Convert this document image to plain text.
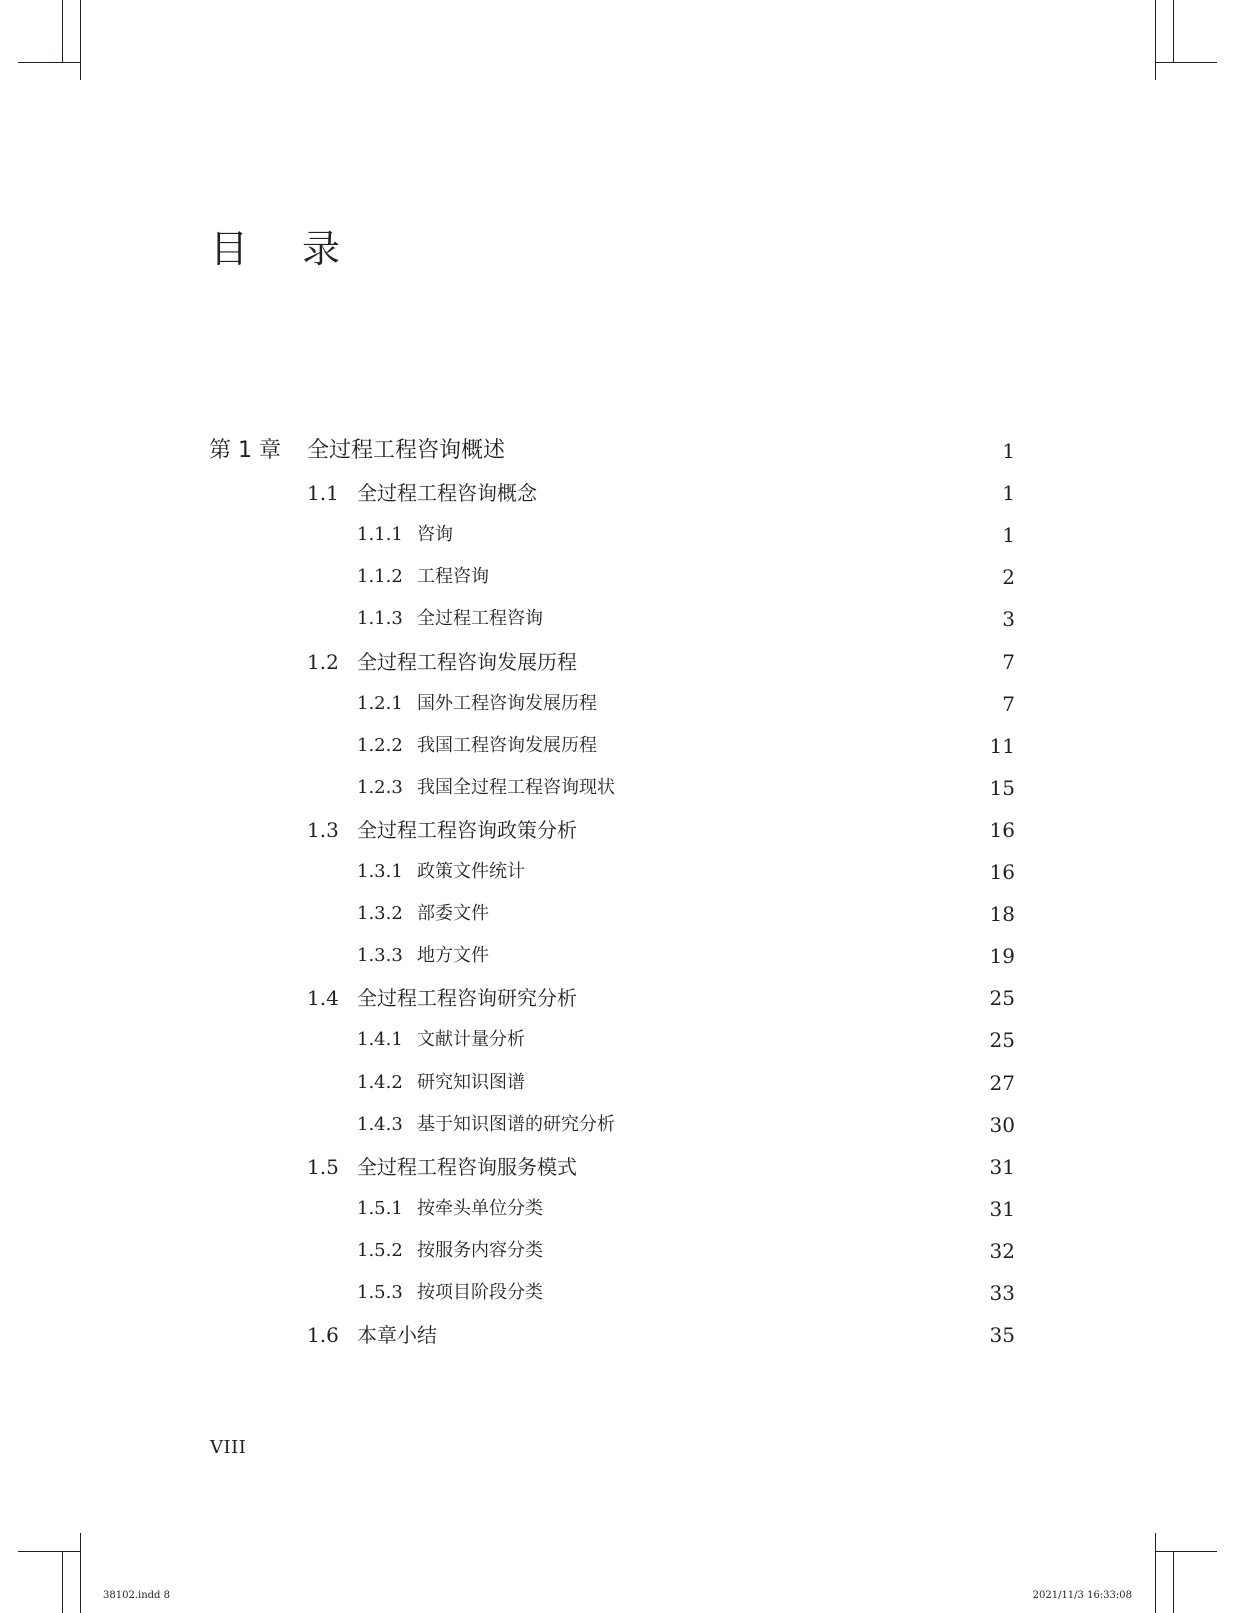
目 录
第 1 章 全过程工程咨询概述	1
1.1 全过程工程咨询概念	1
1.1.1 咨询	1
1.1.2 工程咨询	2
1.1.3 全过程工程咨询	3
1.2 全过程工程咨询发展历程	7
1.2.1 国外工程咨询发展历程	7
1.2.2 我国工程咨询发展历程	11
1.2.3 我国全过程工程咨询现状	15
1.3 全过程工程咨询政策分析	16
1.3.1 政策文件统计	16
1.3.2 部委文件	18
1.3.3 地方文件	19
1.4 全过程工程咨询研究分析	25
1.4.1 文献计量分析	25
1.4.2 研究知识图谱	27
1.4.3 基于知识图谱的研究分析	30
1.5 全过程工程咨询服务模式	31
1.5.1 按牵头单位分类	31
1.5.2 按服务内容分类	32
1.5.3 按项目阶段分类	33
1.6 本章小结	35
VIII
38102.indd 8	2021/11/3 16:33:08
